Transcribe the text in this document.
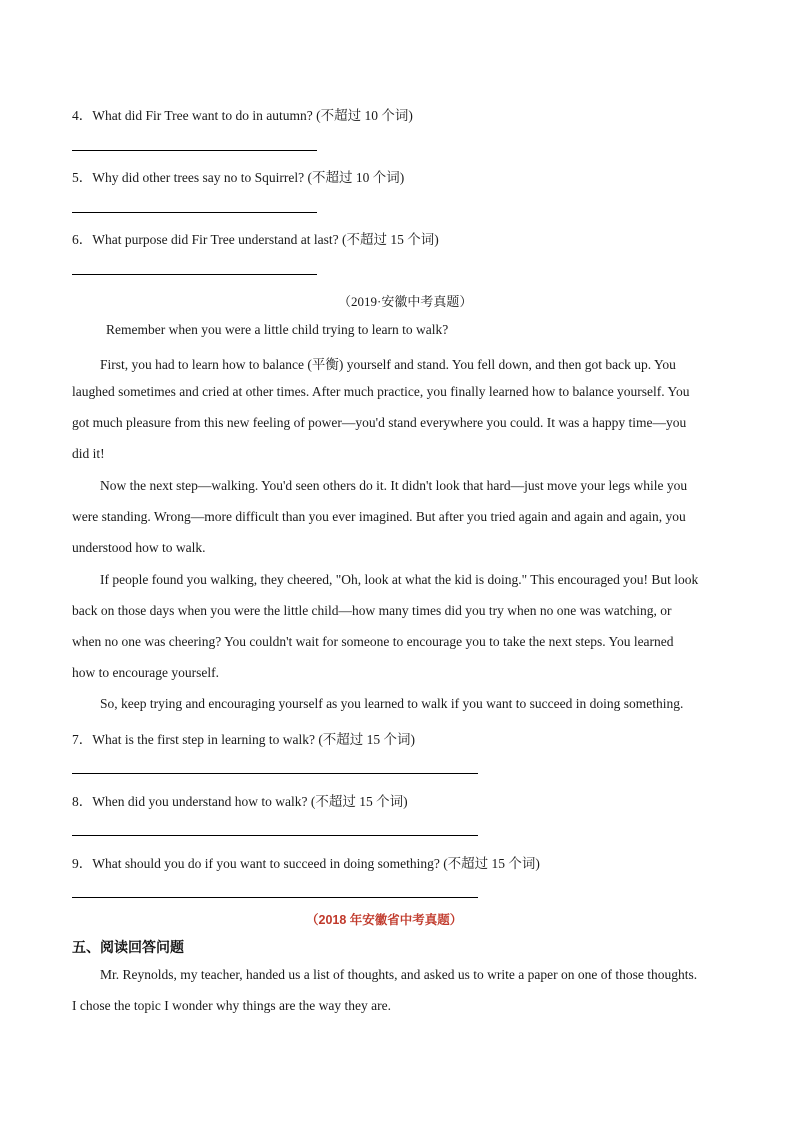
4．What did Fir Tree want to do in autumn? (不超过 10 个词)
5．Why did other trees say no to Squirrel? (不超过 10 个词)
6．What purpose did Fir Tree understand at last? (不超过 15 个词)
（2019·安徽中考真题）
Remember when you were a little child trying to learn to walk?
First, you had to learn how to balance (平衡) yourself and stand. You fell down, and then got back up. You
laughed sometimes and cried at other times. After much practice, you finally learned how to balance yourself. You
got much pleasure from this new feeling of power—you'd stand everywhere you could. It was a happy time—you
did it!
Now the next step—walking. You'd seen others do it. It didn't look that hard—just move your legs while you
were standing. Wrong—more difficult than you ever imagined. But after you tried again and again and again, you
understood how to walk.
If people found you walking, they cheered, "Oh, look at what the kid is doing." This encouraged you! But look
back on those days when you were the little child—how many times did you try when no one was watching, or
when no one was cheering? You couldn't wait for someone to encourage you to take the next steps. You learned
how to encourage yourself.
So, keep trying and encouraging yourself as you learned to walk if you want to succeed in doing something.
7．What is the first step in learning to walk? (不超过 15 个词)
8．When did you understand how to walk? (不超过 15 个词)
9．What should you do if you want to succeed in doing something? (不超过 15 个词)
（2018 年安徽省中考真题）
五、阅读回答问题
Mr. Reynolds, my teacher, handed us a list of thoughts, and asked us to write a paper on one of those thoughts.
I chose the topic I wonder why things are the way they are.
